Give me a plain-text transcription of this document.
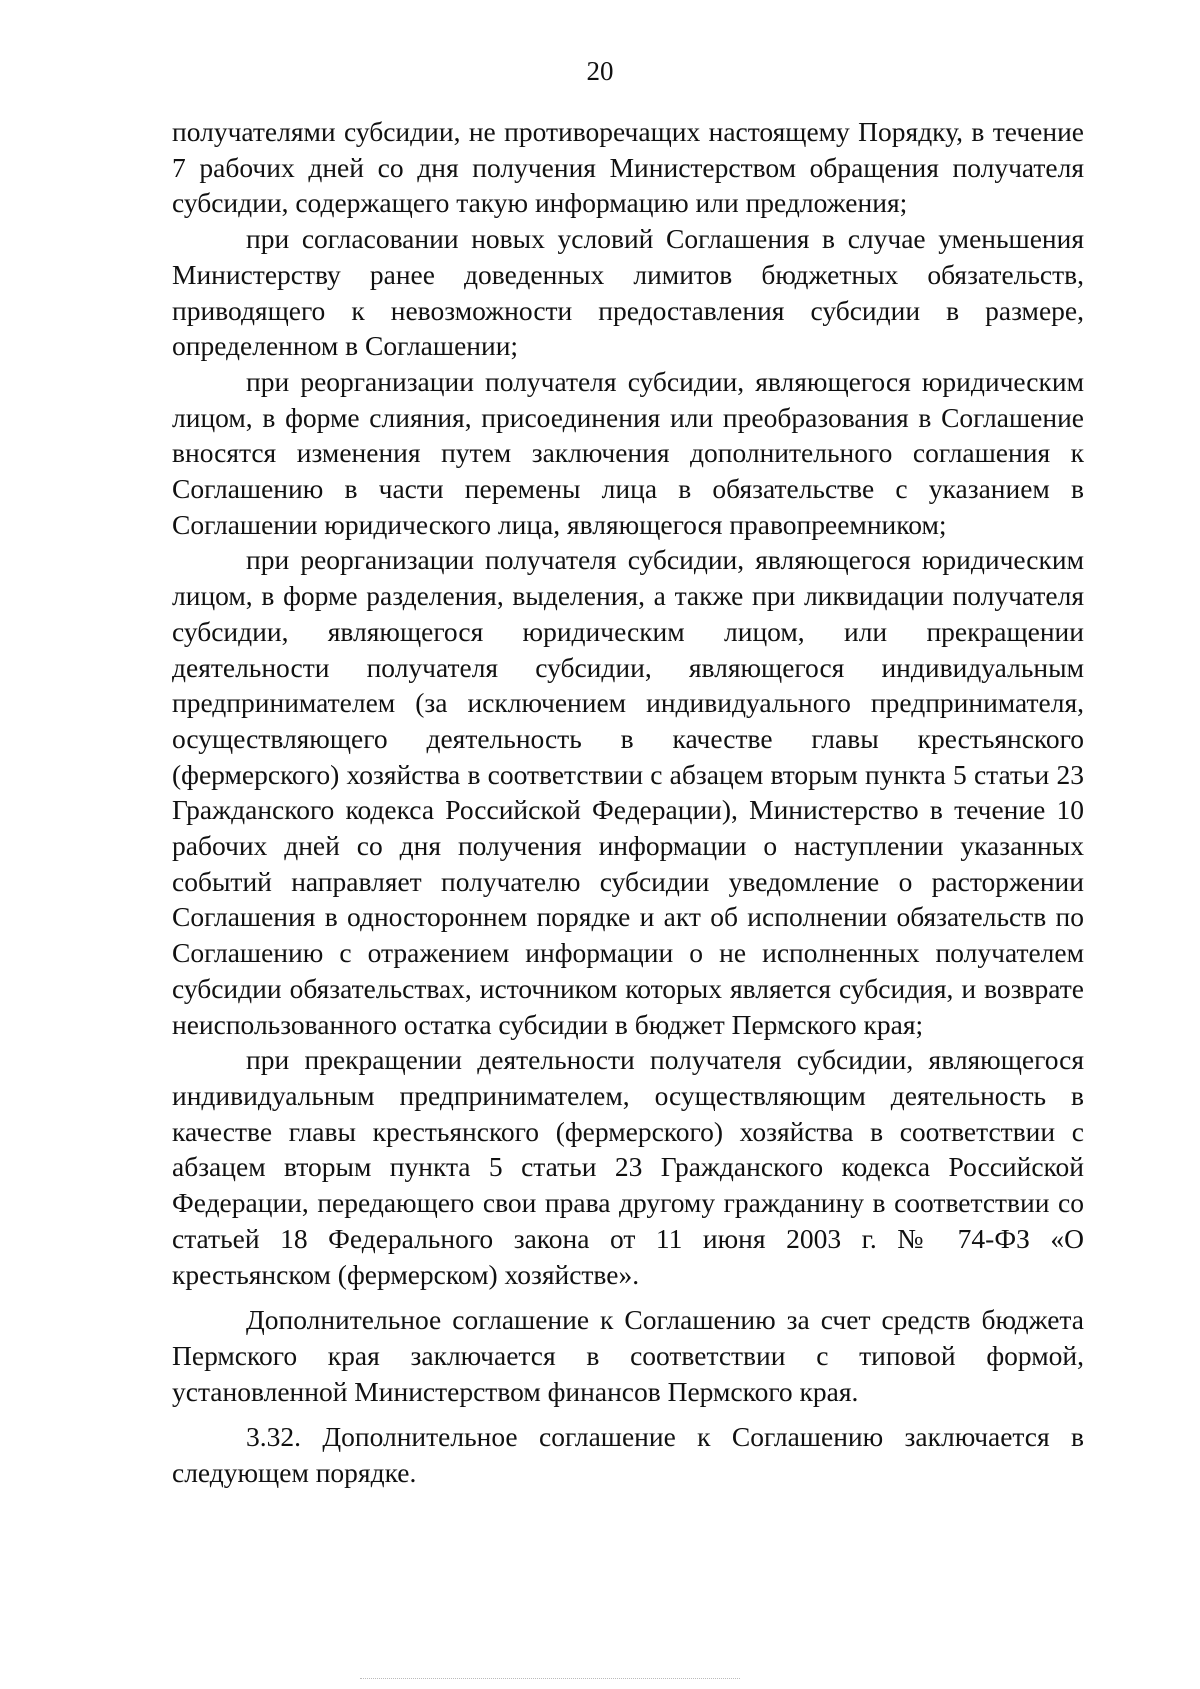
20

получателями субсидии, не противоречащих настоящему Порядку, в течение 7 рабочих дней со дня получения Министерством обращения получателя субсидии, содержащего такую информацию или предложения;

при согласовании новых условий Соглашения в случае уменьшения Министерству ранее доведенных лимитов бюджетных обязательств, приводящего к невозможности предоставления субсидии в размере, определенном в Соглашении;

при реорганизации получателя субсидии, являющегося юридическим лицом, в форме слияния, присоединения или преобразования в Соглашение вносятся изменения путем заключения дополнительного соглашения к Соглашению в части перемены лица в обязательстве с указанием в Соглашении юридического лица, являющегося правопреемником;

при реорганизации получателя субсидии, являющегося юридическим лицом, в форме разделения, выделения, а также при ликвидации получателя субсидии, являющегося юридическим лицом, или прекращении деятельности получателя субсидии, являющегося индивидуальным предпринимателем (за исключением индивидуального предпринимателя, осуществляющего деятельность в качестве главы крестьянского (фермерского) хозяйства в соответствии с абзацем вторым пункта 5 статьи 23 Гражданского кодекса Российской Федерации), Министерство в течение 10 рабочих дней со дня получения информации о наступлении указанных событий направляет получателю субсидии уведомление о расторжении Соглашения в одностороннем порядке и акт об исполнении обязательств по Соглашению с отражением информации о не исполненных получателем субсидии обязательствах, источником которых является субсидия, и возврате неиспользованного остатка субсидии в бюджет Пермского края;

при прекращении деятельности получателя субсидии, являющегося индивидуальным предпринимателем, осуществляющим деятельность в качестве главы крестьянского (фермерского) хозяйства в соответствии с абзацем вторым пункта 5 статьи 23 Гражданского кодекса Российской Федерации, передающего свои права другому гражданину в соответствии со статьей 18 Федерального закона от 11 июня 2003 г. № 74-ФЗ «О крестьянском (фермерском) хозяйстве».

Дополнительное соглашение к Соглашению за счет средств бюджета Пермского края заключается в соответствии с типовой формой, установленной Министерством финансов Пермского края.

3.32. Дополнительное соглашение к Соглашению заключается в следующем порядке.
